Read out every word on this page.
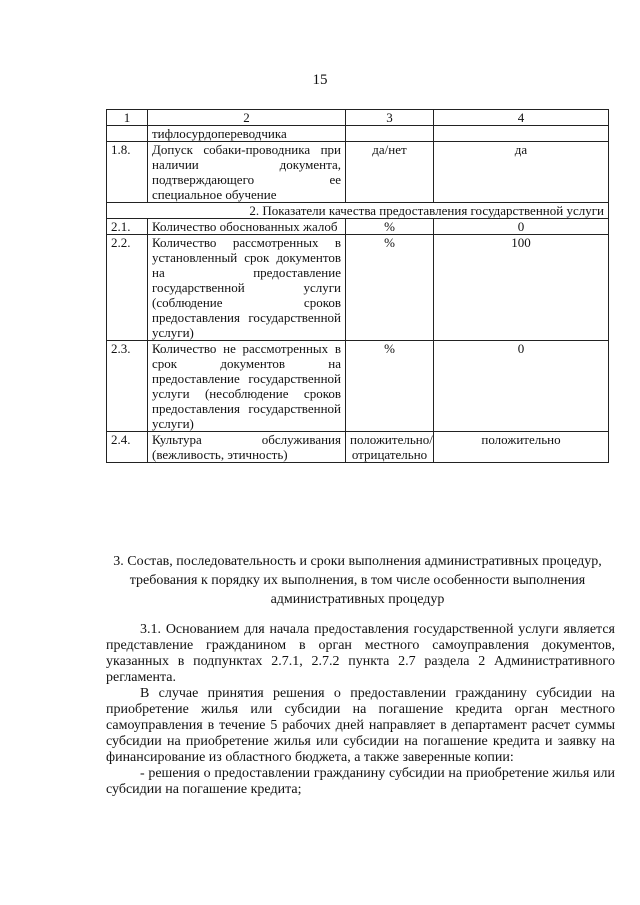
15
1	2	3	4
	тифлосурдопереводчика		
1.8.	Допуск собаки-проводника при наличии документа, подтверждающего ее специальное обучение	да/нет	да
2. Показатели качества предоставления государственной услуги			
2.1.	Количество обоснованных жалоб	%	0
2.2.	Количество рассмотренных в установленный срок документов на предоставление государственной услуги (соблюдение сроков предоставления государственной услуги)	%	100
2.3.	Количество не рассмотренных в срок документов на предоставление государственной услуги (несоблюдение сроков предоставления государственной услуги)	%	0
2.4.	Культура обслуживания (вежливость, этичность)	положительно/ отрицательно	положительно
3. Состав, последовательность и сроки выполнения административных процедур, требования к порядку их выполнения, в том числе особенности выполнения административных процедур

3.1. Основанием для начала предоставления государственной услуги является представление гражданином в орган местного самоуправления документов, указанных в подпунктах 2.7.1, 2.7.2 пункта 2.7 раздела 2 Административного регламента.

В случае принятия решения о предоставлении гражданину субсидии на приобретение жилья или субсидии на погашение кредита орган местного самоуправления в течение 5 рабочих дней направляет в департамент расчет суммы субсидии на приобретение жилья или субсидии на погашение кредита и заявку на финансирование из областного бюджета, а также заверенные копии:

- решения о предоставлении гражданину субсидии на приобретение жилья или субсидии на погашение кредита;
